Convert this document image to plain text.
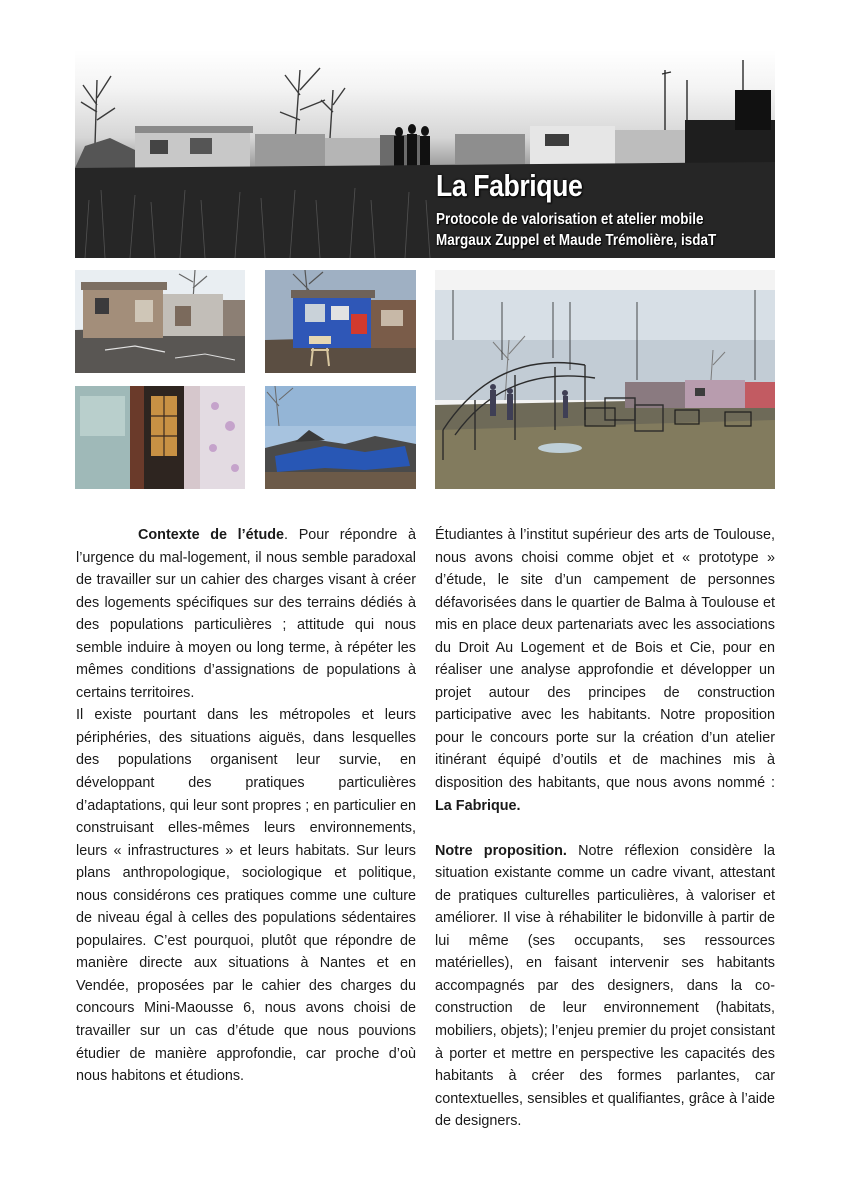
La Fabrique

Protocole de valorisation et atelier mobile

Margaux Zuppel et Maude Trémolière, isdaT

Contexte de l’étude. Pour répondre à l’urgence du mal-logement, il nous semble paradoxal de travailler sur un cahier des charges visant à créer des logements spécifiques sur des terrains dédiés à des populations particulières ; attitude qui nous semble induire à moyen ou long terme, à répéter les mêmes conditions d’assignations de populations à certains territoires.

Il existe pourtant dans les métropoles et leurs périphéries, des situations aiguës, dans lesquelles des populations organisent leur survie, en développant des pratiques particulières d’adaptations, qui leur sont propres ; en particulier en construisant elles-mêmes leurs environnements, leurs « infrastructures » et leurs habitats. Sur leurs plans anthropologique, sociologique et politique, nous considérons ces pratiques comme une culture de niveau égal à celles des populations sédentaires populaires. C’est pourquoi, plutôt que répondre de manière directe aux situations à Nantes et en Vendée, proposées par le cahier des charges du concours Mini-Maousse 6, nous avons choisi de travailler sur un cas d’étude que nous pouvions étudier de manière approfondie, car proche d’où nous habitons et étudions.

Étudiantes à l’institut supérieur des arts de Toulouse, nous avons choisi comme objet et « prototype » d’étude, le site d’un campement de personnes défavorisées dans le quartier de Balma à Toulouse et mis en place deux partenariats avec les associations du Droit Au Logement et de Bois et Cie, pour en réaliser une analyse approfondie et développer un projet autour des principes de construction participative avec les habitants. Notre proposition pour le concours porte sur la création d’un atelier itinérant équipé d’outils et de machines mis à disposition des habitants, que nous avons nommé : La Fabrique.

Notre proposition. Notre réflexion considère la situation existante comme un cadre vivant, attestant de pratiques culturelles particulières, à valoriser et améliorer. Il vise à réhabiliter le bidonville à partir de lui même (ses occupants, ses ressources matérielles), en faisant intervenir ses habitants accompagnés par des designers, dans la co-construction de leur environnement (habitats, mobiliers, objets); l’enjeu premier du projet consistant à porter et mettre en perspective les capacités des habitants à créer des formes parlantes, car contextuelles, sensibles et qualifiantes, grâce à l’aide de designers.
